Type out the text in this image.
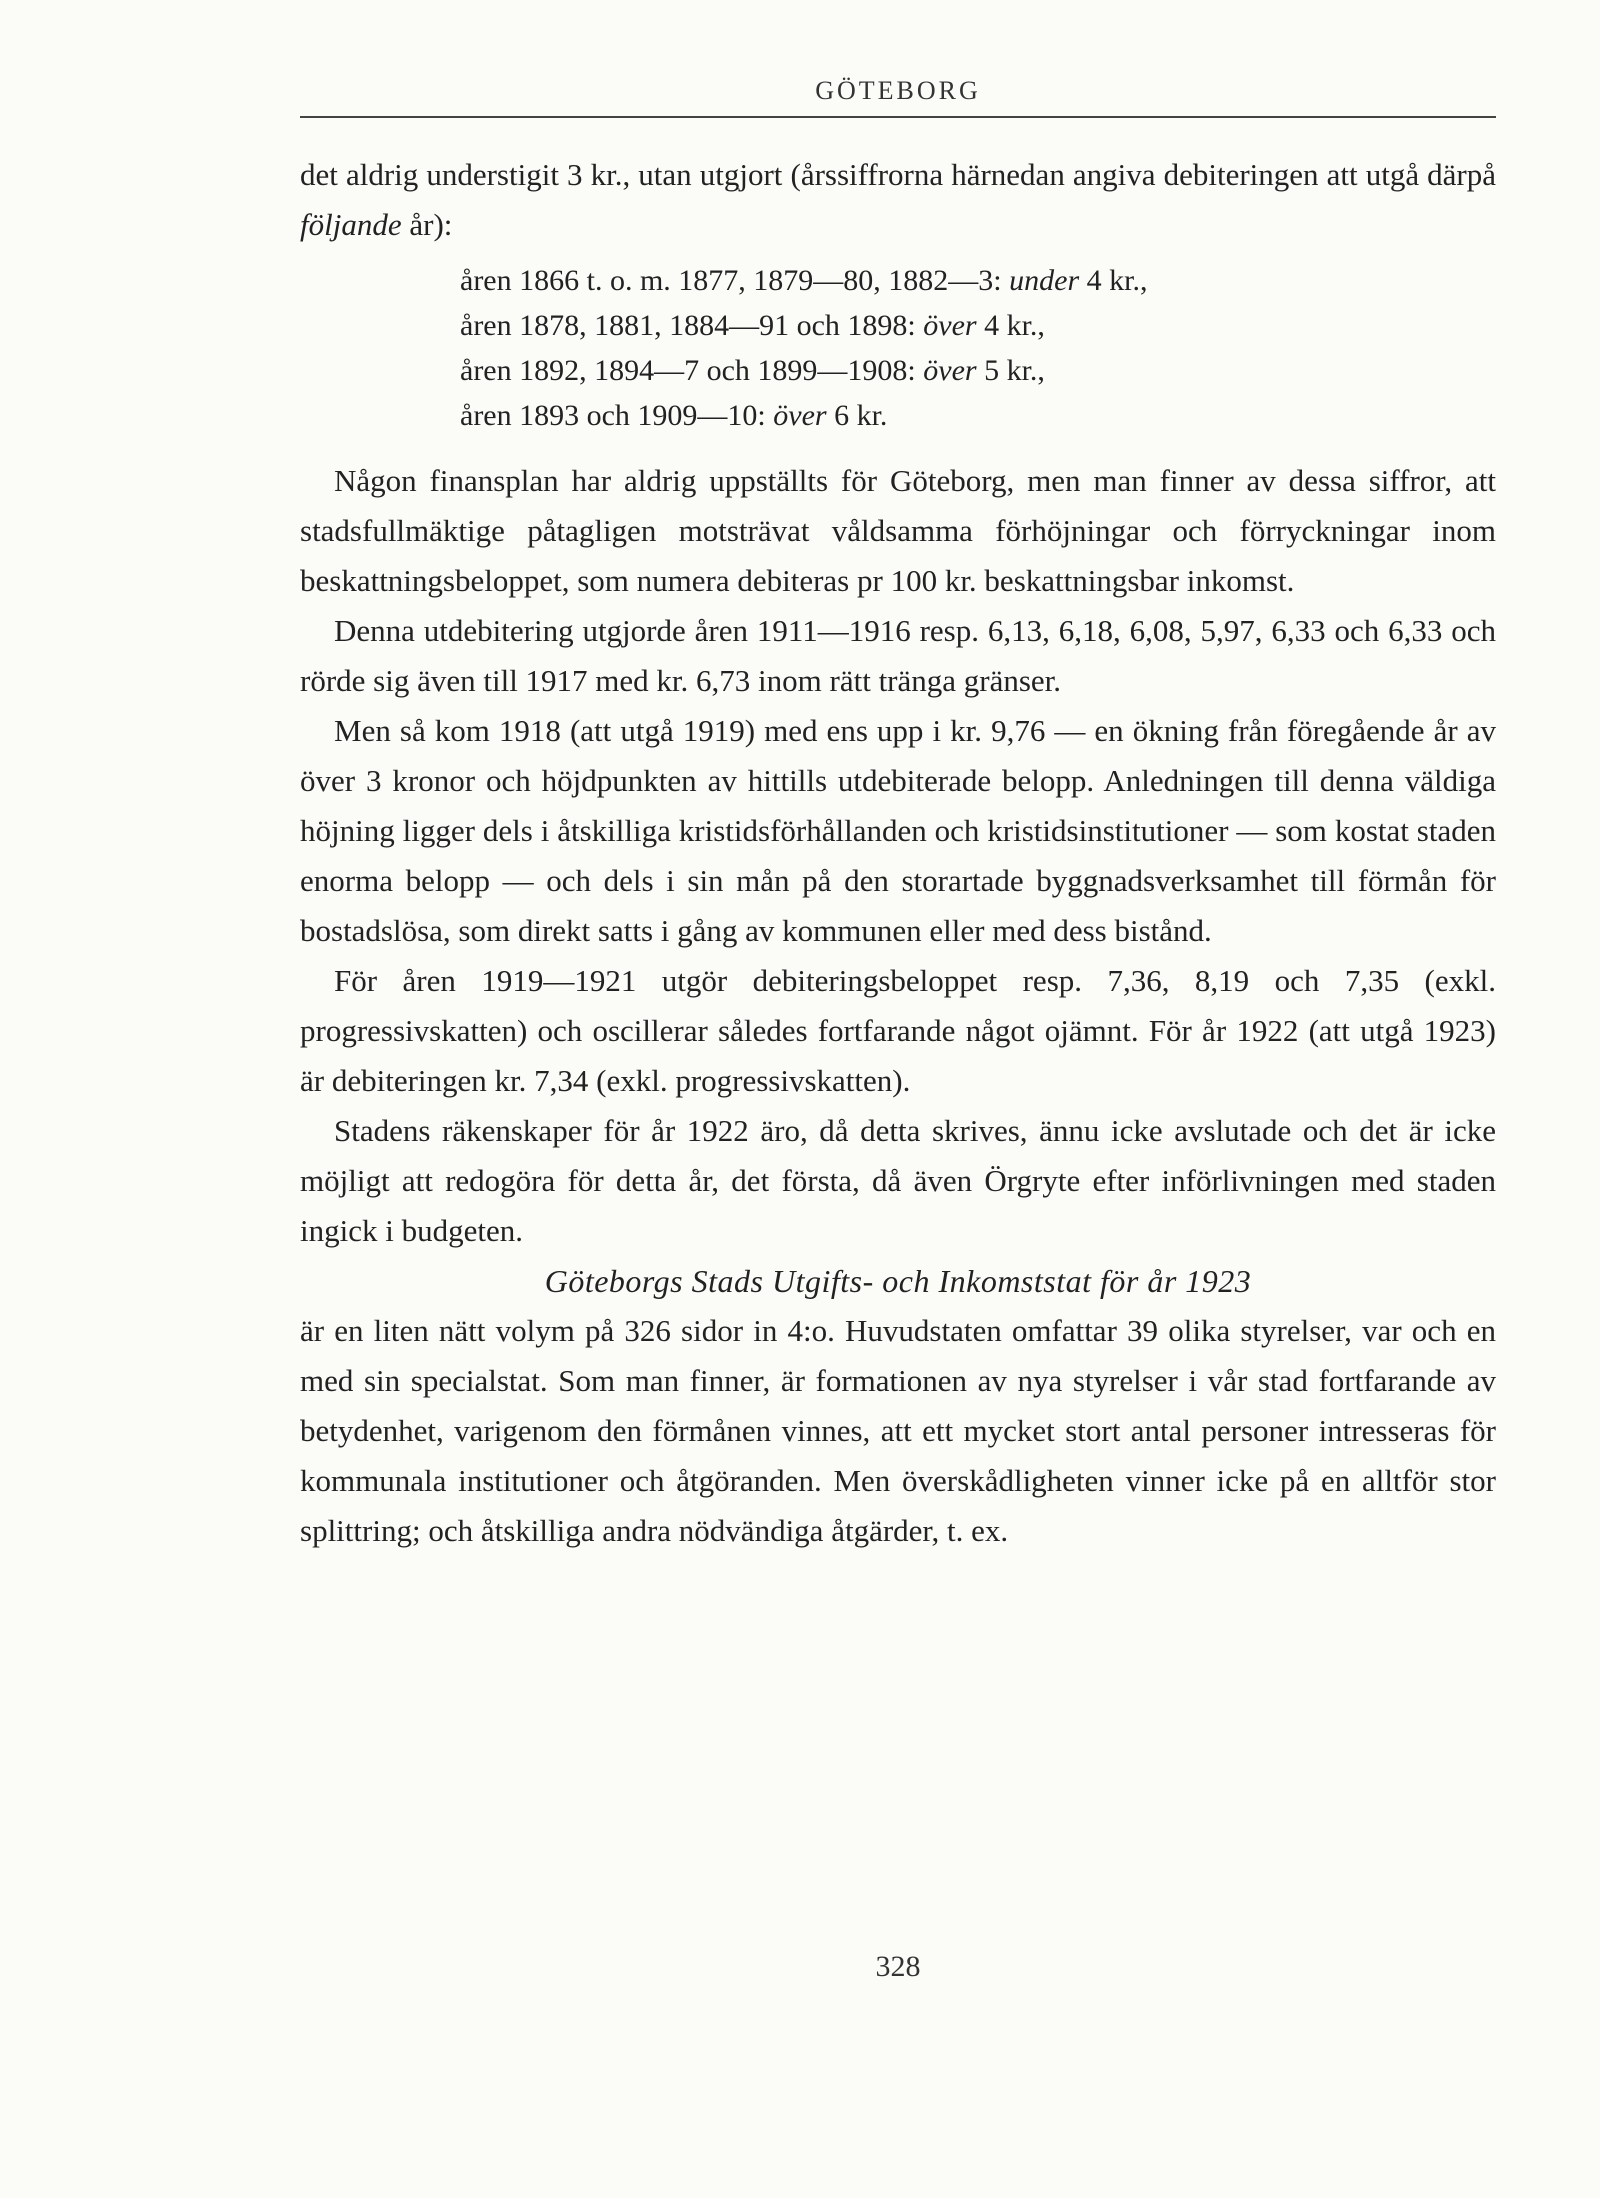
GÖTEBORG

det aldrig understigit 3 kr., utan utgjort (årssiffrorna härnedan angiva debiteringen att utgå därpå följande år):

åren 1866 t. o. m. 1877, 1879—80, 1882—3: under 4 kr.,
åren 1878, 1881, 1884—91 och 1898: över 4 kr.,
åren 1892, 1894—7 och 1899—1908: över 5 kr.,
åren 1893 och 1909—10: över 6 kr.

Någon finansplan har aldrig uppställts för Göteborg, men man finner av dessa siffror, att stadsfullmäktige påtagligen motsträvat våldsamma förhöjningar och förryckningar inom beskattningsbeloppet, som numera debiteras pr 100 kr. beskattningsbar inkomst.

Denna utdebitering utgjorde åren 1911—1916 resp. 6,13, 6,18, 6,08, 5,97, 6,33 och 6,33 och rörde sig även till 1917 med kr. 6,73 inom rätt tränga gränser.

Men så kom 1918 (att utgå 1919) med ens upp i kr. 9,76 — en ökning från föregående år av över 3 kronor och höjdpunkten av hittills utdebiterade belopp. Anledningen till denna väldiga höjning ligger dels i åtskilliga kristidsförhållanden och kristidsinstitutioner — som kostat staden enorma belopp — och dels i sin mån på den storartade byggnadsverksamhet till förmån för bostadslösa, som direkt satts i gång av kommunen eller med dess bistånd.

För åren 1919—1921 utgör debiteringsbeloppet resp. 7,36, 8,19 och 7,35 (exkl. progressivskatten) och oscillerar således fortfarande något ojämnt. För år 1922 (att utgå 1923) är debiteringen kr. 7,34 (exkl. progressivskatten).

Stadens räkenskaper för år 1922 äro, då detta skrives, ännu icke avslutade och det är icke möjligt att redogöra för detta år, det första, då även Örgryte efter införlivningen med staden ingick i budgeten.

Göteborgs Stads Utgifts- och Inkomststat för år 1923

är en liten nätt volym på 326 sidor in 4:o. Huvudstaten omfattar 39 olika styrelser, var och en med sin specialstat. Som man finner, är formationen av nya styrelser i vår stad fortfarande av betydenhet, varigenom den förmånen vinnes, att ett mycket stort antal personer intresseras för kommunala institutioner och åtgöranden. Men överskådligheten vinner icke på en alltför stor splittring; och åtskilliga andra nödvändiga åtgärder, t. ex.

328
